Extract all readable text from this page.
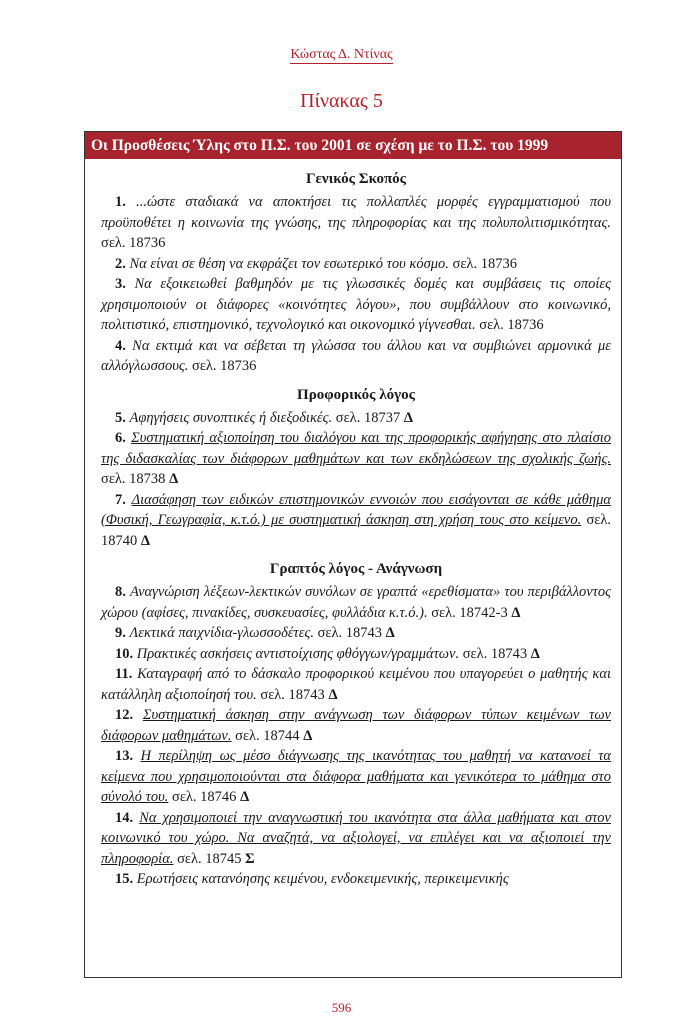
Κώστας Δ. Ντίνας
Πίνακας 5
Οι Προσθέσεις Ύλης στο Π.Σ. του 2001 σε σχέση με το Π.Σ. του 1999
Γενικός Σκοπός

1. ...ώστε σταδιακά να αποκτήσει τις πολλαπλές μορφές εγγραμματισμού που προϋποθέτει η κοινωνία της γνώσης, της πληροφορίας και της πολυπολιτισμικότητας. σελ. 18736

2. Να είναι σε θέση να εκφράζει τον εσωτερικό του κόσμο. σελ. 18736

3. Να εξοικειωθεί βαθμηδόν με τις γλωσσικές δομές και συμβάσεις τις οποίες χρησιμοποιούν οι διάφορες «κοινότητες λόγου», που συμβάλλουν στο κοινωνικό, πολιτιστικό, επιστημονικό, τεχνολογικό και οικονομικό γίγνεσθαι. σελ. 18736

4. Να εκτιμά και να σέβεται τη γλώσσα του άλλου και να συμβιώνει αρμονικά με αλλόγλωσσους. σελ. 18736

Προφορικός λόγος

5. Αφηγήσεις συνοπτικές ή διεξοδικές. σελ. 18737 Δ

6. Συστηματική αξιοποίηση του διαλόγου και της προφορικής αφήγησης στο πλαίσιο της διδασκαλίας των διάφορων μαθημάτων και των εκδηλώσεων της σχολικής ζωής. σελ. 18738 Δ

7. Διασάφηση των ειδικών επιστημονικών εννοιών που εισάγονται σε κάθε μάθημα (Φυσική, Γεωγραφία, κ.τ.ό.) με συστηματική άσκηση στη χρήση τους στο κείμενο. σελ. 18740 Δ

Γραπτός λόγος - Ανάγνωση

8. Αναγνώριση λέξεων-λεκτικών συνόλων σε γραπτά «ερεθίσματα» του περιβάλλοντος χώρου (αφίσες, πινακίδες, συσκευασίες, φυλλάδια κ.τ.ό.). σελ. 18742-3 Δ

9. Λεκτικά παιχνίδια-γλωσσοδέτες. σελ. 18743 Δ

10. Πρακτικές ασκήσεις αντιστοίχισης φθόγγων/γραμμάτων. σελ. 18743 Δ

11. Καταγραφή από το δάσκαλο προφορικού κειμένου που υπαγορεύει ο μαθητής και κατάλληλη αξιοποίησή του. σελ. 18743 Δ

12. Συστηματική άσκηση στην ανάγνωση των διάφορων τύπων κειμένων των διάφορων μαθημάτων. σελ. 18744 Δ

13. Η περίληψη ως μέσο διάγνωσης της ικανότητας του μαθητή να κατανοεί τα κείμενα που χρησιμοποιούνται στα διάφορα μαθήματα και γενικότερα το μάθημα στο σύνολό του. σελ. 18746 Δ

14. Να χρησιμοποιεί την αναγνωστική του ικανότητα στα άλλα μαθήματα και στον κοινωνικό του χώρο. Να αναζητά, να αξιολογεί, να επιλέγει και να αξιοποιεί την πληροφορία. σελ. 18745 Σ

15. Ερωτήσεις κατανόησης κειμένου, ενδοκειμενικής, περικειμενικής

596
